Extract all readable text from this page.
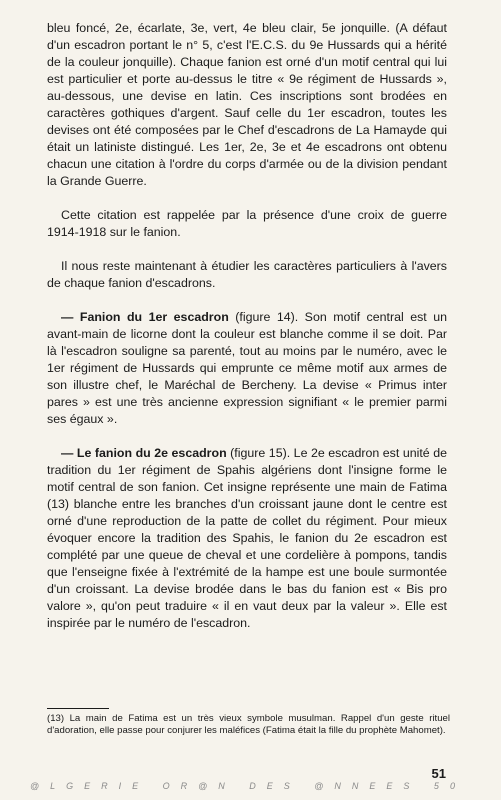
bleu foncé, 2e, écarlate, 3e, vert, 4e bleu clair, 5e jonquille. (A défaut d'un escadron portant le n° 5, c'est l'E.C.S. du 9e Hussards qui a hérité de la couleur jonquille). Chaque fanion est orné d'un motif central qui lui est particulier et porte au-dessus le titre « 9e régiment de Hussards », au-dessous, une devise en latin. Ces inscriptions sont brodées en caractères gothiques d'argent. Sauf celle du 1er escadron, toutes les devises ont été composées par le Chef d'escadrons de La Hamayde qui était un latiniste distingué. Les 1er, 2e, 3e et 4e escadrons ont obtenu chacun une citation à l'ordre du corps d'armée ou de la division pendant la Grande Guerre.

Cette citation est rappelée par la présence d'une croix de guerre 1914-1918 sur le fanion.

Il nous reste maintenant à étudier les caractères particuliers à l'avers de chaque fanion d'escadrons.

— Fanion du 1er escadron (figure 14). Son motif central est un avant-main de licorne dont la couleur est blanche comme il se doit. Par là l'escadron souligne sa parenté, tout au moins par le numéro, avec le 1er régiment de Hussards qui emprunte ce même motif aux armes de son illustre chef, le Maréchal de Bercheny. La devise « Primus inter pares » est une très ancienne expression signifiant « le premier parmi ses égaux ».

— Le fanion du 2e escadron (figure 15). Le 2e escadron est unité de tradition du 1er régiment de Spahis algériens dont l'insigne forme le motif central de son fanion. Cet insigne représente une main de Fatima (13) blanche entre les branches d'un croissant jaune dont le centre est orné d'une reproduction de la patte de collet du régiment. Pour mieux évoquer encore la tradition des Spahis, le fanion du 2e escadron est complété par une queue de cheval et une cordelière à pompons, tandis que l'enseigne fixée à l'extrémité de la hampe est une boule surmontée d'un croissant. La devise brodée dans le bas du fanion est « Bis pro valore », qu'on peut traduire « il en vaut deux par la valeur ». Elle est inspirée par le numéro de l'escadron.

(13) La main de Fatima est un très vieux symbole musulman. Rappel d'un geste rituel d'adoration, elle passe pour conjurer les maléfices (Fatima était la fille du prophète Mahomet).

51
@LGERIE OR@N DES @NNEES 50
